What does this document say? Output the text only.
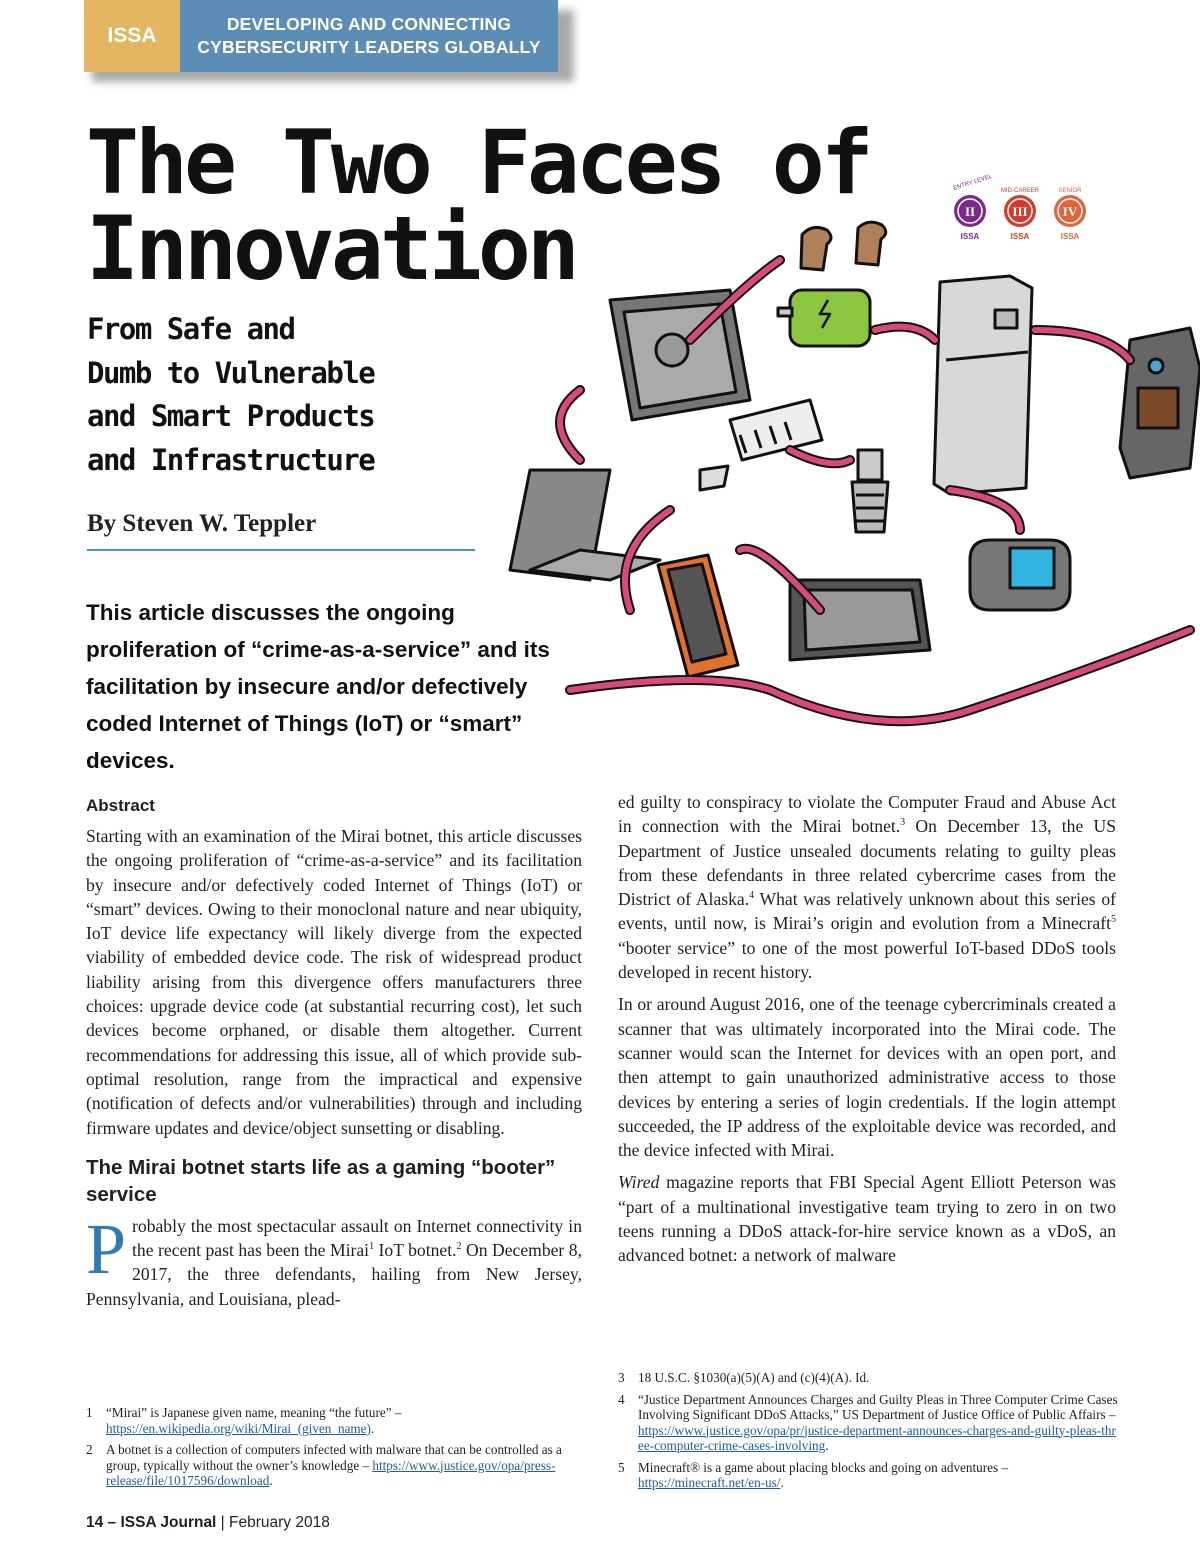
ISSA	DEVELOPING AND CONNECTING
CYBERSECURITY LEADERS GLOBALLY
The Two Faces of
Innovation
From Safe and
Dumb to Vulnerable
and Smart Products
and Infrastructure
By Steven W. Teppler
This article discusses the ongoing proliferation of “crime-as-a-service” and its facilitation by insecure and/or defectively coded Internet of Things (IoT) or “smart” devices.
II
ENTRY LEVEL
ISSA
III
MID-CAREER
ISSA
IV
SENIOR
ISSA
Abstract

Starting with an examination of the Mirai botnet, this article discusses the ongoing proliferation of “crime-as-a-service” and its facilitation by insecure and/or defectively coded Internet of Things (IoT) or “smart” devices. Owing to their monoclonal nature and near ubiquity, IoT device life expectancy will likely diverge from the expected viability of embedded device code. The risk of widespread product liability arising from this divergence offers manufacturers three choices: upgrade device code (at substantial recurring cost), let such devices become orphaned, or disable them altogether. Current recommendations for addressing this issue, all of which provide sub-optimal resolution, range from the impractical and expensive (notification of defects and/or vulnerabilities) through and including firmware updates and device/object sunsetting or disabling.

The Mirai botnet starts life as a gaming “booter” service

Probably the most spectacular assault on Internet connectivity in the recent past has been the Mirai$^1$ IoT botnet.$^2$ On December 8, 2017, the three defendants, hailing from New Jersey, Pennsylvania, and Louisiana, plead-

ed guilty to conspiracy to violate the Computer Fraud and Abuse Act in connection with the Mirai botnet.$^3$ On December 13, the US Department of Justice unsealed documents relating to guilty pleas from these defendants in three related cybercrime cases from the District of Alaska.$^4$ What was relatively unknown about this series of events, until now, is Mirai’s origin and evolution from a Minecraft$^5$ “booter service” to one of the most powerful IoT-based DDoS tools developed in recent history.

In or around August 2016, one of the teenage cybercriminals created a scanner that was ultimately incorporated into the Mirai code. The scanner would scan the Internet for devices with an open port, and then attempt to gain unauthorized administrative access to those devices by entering a series of login credentials. If the login attempt succeeded, the IP address of the exploitable device was recorded, and the device infected with Mirai.

Wired magazine reports that FBI Special Agent Elliott Peterson was “part of a multinational investigative team trying to zero in on two teens running a DDoS attack-for-hire service known as a vDoS, an advanced botnet: a network of malware

1	“Mirai” is Japanese given name, meaning “the future” – https://en.wikipedia.org/wiki/Mirai_(given_name).
2	A botnet is a collection of computers infected with malware that can be controlled as a group, typically without the owner’s knowledge – https://www.justice.gov/opa/press-release/file/1017596/download.
3	18 U.S.C. §1030(a)(5)(A) and (c)(4)(A). Id.
4	“Justice Department Announces Charges and Guilty Pleas in Three Computer Crime Cases Involving Significant DDoS Attacks,” US Department of Justice Office of Public Affairs – https://www.justice.gov/opa/pr/justice-department-announces-charges-and-guilty-pleas-three-computer-crime-cases-involving.
5	Minecraft® is a game about placing blocks and going on adventures – https://minecraft.net/en-us/.
14 – ISSA Journal | February 2018
